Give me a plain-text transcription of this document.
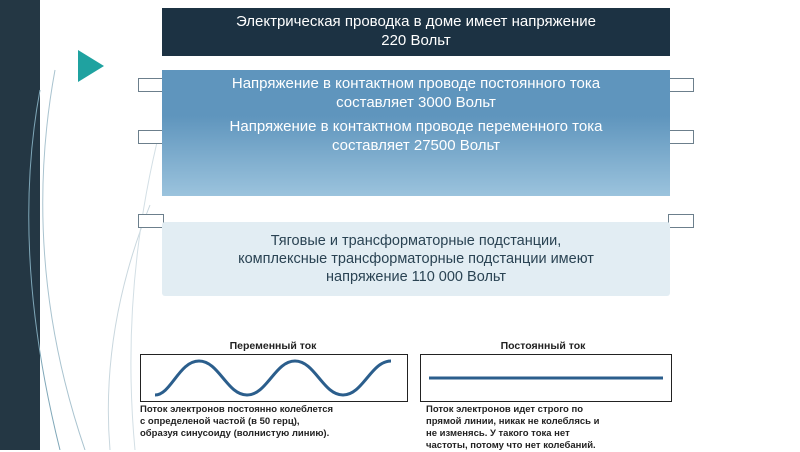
Электрическая проводка в доме имеет напряжение
220 Вольт
Напряжение в контактном проводе постоянного тока
составляет 3000 Вольт
Напряжение в контактном проводе переменного тока
составляет 27500 Вольт
Тяговые и трансформаторные подстанции,
комплексные трансформаторные подстанции имеют
напряжение 110 000 Вольт
Переменный ток	Постоянный ток
Поток электронов постоянно колеблется
с определеной частой (в 50 герц),
образуя синусоиду (волнистую линию).
Поток электронов идет строго по
прямой линии, никак не колеблясь и
не изменясь. У такого тока нет
частоты, потому что нет колебаний.
